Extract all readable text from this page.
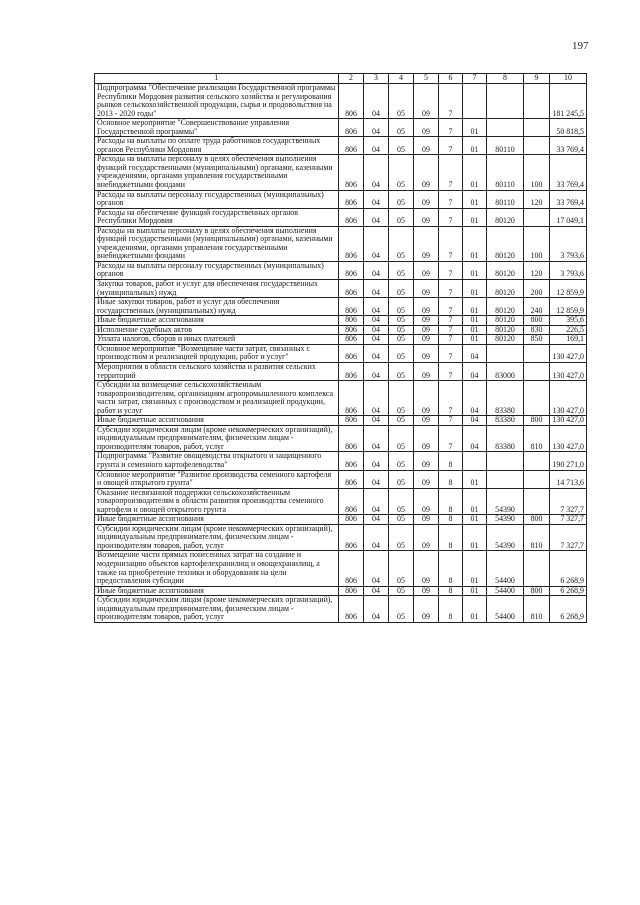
197
1	2	3	4	5	6	7	8	9	10
Подпрограмма "Обеспечение реализации Государственной программы Республики Мордовия развития сельского хозяйства и регулирования рынков сельскохозяйственной продукции, сырья и продовольствия на 2013 - 2020 годы"	806	04	05	09	7				181 245,5
Основное мероприятие "Совершенствование управления Государственной программы"	806	04	05	09	7	01			50 818,5
Расходы на выплаты по оплате труда работников государственных органов Республики Мордовия	806	04	05	09	7	01	80110		33 769,4
Расходы на выплаты персоналу в целях обеспечения выполнения функций государственными (муниципальными) органами, казенными учреждениями, органами управления государственными внебюджетными фондами	806	04	05	09	7	01	80110	100	33 769,4
Расходы на выплаты персоналу государственных (муниципальных) органов	806	04	05	09	7	01	80110	120	33 769,4
Расходы на обеспечение функций государственных органов Республики Мордовия	806	04	05	09	7	01	80120		17 049,1
Расходы на выплаты персоналу в целях обеспечения выполнения функций государственными (муниципальными) органами, казенными учреждениями, органами управления государственными внебюджетными фондами	806	04	05	09	7	01	80120	100	3 793,6
Расходы на выплаты персоналу государственных (муниципальных) органов	806	04	05	09	7	01	80120	120	3 793,6
Закупка товаров, работ и услуг для обеспечения государственных (муниципальных) нужд	806	04	05	09	7	01	80120	200	12 859,9
Иные закупки товаров, работ и услуг для обеспечения государственных (муниципальных) нужд	806	04	05	09	7	01	80120	240	12 859,9
Иные бюджетные ассигнования	806	04	05	09	7	01	80120	800	395,6
Исполнение судебных актов	806	04	05	09	7	01	80120	830	226,5
Уплата налогов, сборов и иных платежей	806	04	05	09	7	01	80120	850	169,1
Основное мероприятие "Возмещение части затрат, связанных с производством и реализацией продукции, работ и услуг"	806	04	05	09	7	04			130 427,0
Мероприятия в области сельского хозяйства и развития сельских территорий	806	04	05	09	7	04	83000		130 427,0
Субсидии на возмещение сельскохозяйственным товаропроизводителям, организациям агропромышленного комплекса части затрат, связанных с производством и реализацией продукции, работ и услуг	806	04	05	09	7	04	83380		130 427,0
Иные бюджетные ассигнования	806	04	05	09	7	04	83380	800	130 427,0
Субсидии юридическим лицам (кроме некоммерческих организаций), индивидуальным предпринимателям, физическим лицам - производителям товаров, работ, услуг	806	04	05	09	7	04	83380	810	130 427,0
Подпрограмма "Развитие овощеводства открытого и защищенного грунта и семенного картофелеводства"	806	04	05	09	8				190 271,0
Основное мероприятие "Развитие производства семенного картофеля и овощей открытого грунта"	806	04	05	09	8	01			14 713,6
Оказание несвязанной поддержки сельскохозяйственным товаропроизводителям в области развития производства семенного картофеля и овощей открытого грунта	806	04	05	09	8	01	54390		7 327,7
Иные бюджетные ассигнования	806	04	05	09	8	01	54390	800	7 327,7
Субсидии юридическим лицам (кроме некоммерческих организаций), индивидуальным предпринимателям, физическим лицам - производителям товаров, работ, услуг	806	04	05	09	8	01	54390	810	7 327,7
Возмещение части прямых понесенных затрат на создание и модернизацию объектов картофелехранилищ и овощехранилищ, а также на приобретение техники и оборудования на цели предоставления субсидии	806	04	05	09	8	01	54400		6 268,9
Иные бюджетные ассигнования	806	04	05	09	8	01	54400	800	6 268,9
Субсидии юридическим лицам (кроме некоммерческих организаций), индивидуальным предпринимателям, физическим лицам - производителям товаров, работ, услуг	806	04	05	09	8	01	54400	810	6 268,9
